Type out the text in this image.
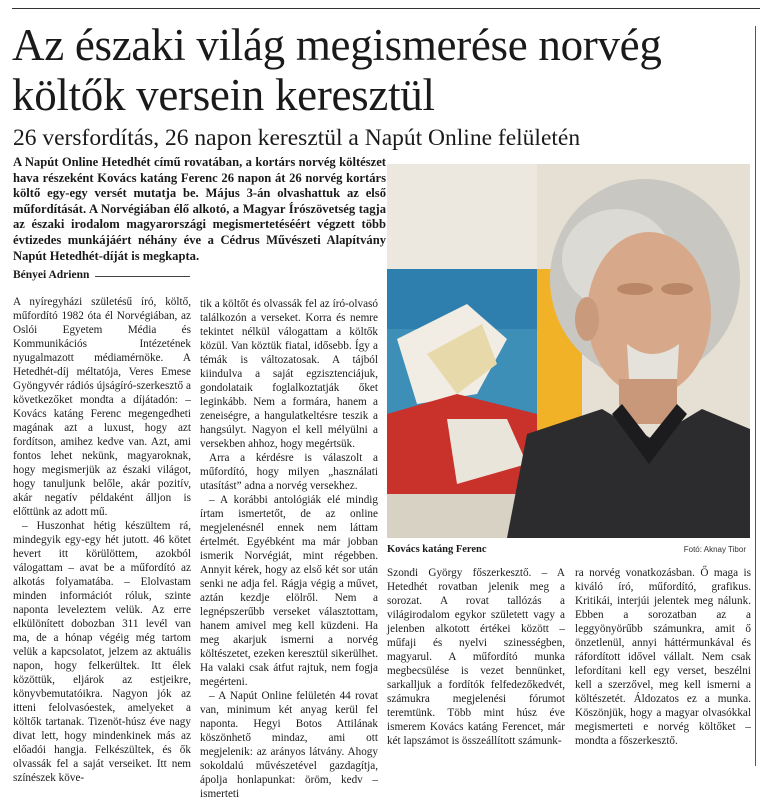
Az északi világ megismerése norvég
költők versein keresztül
26 versfordítás, 26 napon keresztül a Napút Online felületén
A Napút Online Hetedhét című rovatában, a kortárs norvég költészet hava részeként Kovács katáng Ferenc 26 napon át 26 norvég kortárs költő egy-egy versét mutatja be. Május 3-án olvashattuk az első műfordítását. A Norvégiában élő alkotó, a Magyar Írószövetség tagja az északi irodalom magyarországi megismertetéséért végzett több évtizedes munkájáért néhány éve a Cédrus Művészeti Alapítvány Napút Hetedhét-díját is megkapta.
Bényei Adrienn

A nyíregyházi születésű író, költő, műfordító 1982 óta él Norvégiában, az Oslói Egyetem Média és Kommunikációs Intézetének nyugalmazott médiamérnöke. A Hetedhét-díj méltatója, Veres Emese Gyöngyvér rádiós újságíró-szerkesztő a következőket mondta a díjátadón: – Kovács katáng Ferenc megengedheti magának azt a luxust, hogy azt fordítson, amihez kedve van. Azt, ami fontos lehet nekünk, magyaroknak, hogy megismerjük az északi világot, hogy tanuljunk belőle, akár pozitív, akár negatív példaként álljon is előttünk az adott mű.

– Huszonhat hétig készültem rá, mindegyik egy-egy hét jutott. 46 kötet hevert itt körülöttem, azokból válogattam – avat be a műfordító az alkotás folyamatába. – Elolvastam minden információt róluk, szinte naponta leveleztem velük. Az erre elkülönített dobozban 311 levél van ma, de a hónap végéig még tartom velük a kapcsolatot, jelzem az aktuális napon, hogy felkerültek. Itt élek közöttük, eljárok az estjeikre, könyvbemutatóikra. Nagyon jók az itteni felolvasóestek, amelyeket a költők tartanak. Tizenöt-húsz éve nagy divat lett, hogy mindenkinek más az előadói hangja. Felkészültek, és ők olvassák fel a saját verseiket. Itt nem színészek köve-

tik a költőt és olvassák fel az író-olvasó találkozón a verseket. Korra és nemre tekintet nélkül válogattam a költők közül. Van köztük fiatal, idősebb. Így a témák is változatosak. A tájból kiindulva a saját egzisztenciájuk, gondolataik foglalkoztatják őket leginkább. Nem a formára, hanem a zeneiségre, a hangulatkeltésre teszik a hangsúlyt. Nagyon el kell mélyülni a versekben ahhoz, hogy megértsük.

Arra a kérdésre is válaszolt a műfordító, hogy milyen „használati utasítást” adna a norvég versekhez.

– A korábbi antológiák elé mindig írtam ismertetőt, de az online megjelenésnél ennek nem láttam értelmét. Egyébként ma már jobban ismerik Norvégiát, mint régebben. Annyit kérek, hogy az első két sor után senki ne adja fel. Rágja végig a művet, aztán kezdje elölről. Nem a legnépszerűbb verseket választottam, hanem amivel meg kell küzdeni. Ha meg akarjuk ismerni a norvég költészetet, ezeken keresztül sikerülhet. Ha valaki csak átfut rajtuk, nem fogja megérteni.

– A Napút Online felületén 44 rovat van, minimum két anyag kerül fel naponta. Hegyi Botos Attilának köszönhető mindaz, ami ott megjelenik: az arányos látvány. Ahogy sokoldalú művészetével gazdagítja, ápolja honlapunkat: öröm, kedv – ismerteti

Kovács katáng Ferenc	Fotó: Aknay Tibor

Szondi György főszerkesztő. – A Hetedhét rovatban jelenik meg a sorozat. A rovat tallózás a világirodalom egykor született vagy a jelenben alkotott értékei között – műfaji és nyelvi szinességben, magyarul. A műfordító munka megbecsülése is vezet bennünket, sarkalljuk a fordítók felfedezőkedvét, számukra megjelenési fórumot teremtünk. Több mint húsz éve ismerem Kovács katáng Ferencet, már két lapszámot is összeállított számunk-

ra norvég vonatkozásban. Ő maga is kiváló író, műfordító, grafikus. Kritikái, interjúi jelentek meg nálunk. Ebben a sorozatban az a leggyönyörűbb számunkra, amit ő önzetlenül, annyi háttérmunkával és ráfordított idővel vállalt. Nem csak lefordítani kell egy verset, beszélni kell a szerzővel, meg kell ismerni a költészetét. Áldozatos ez a munka. Köszönjük, hogy a magyar olvasókkal megismerteti e norvég költőket – mondta a főszerkesztő.
